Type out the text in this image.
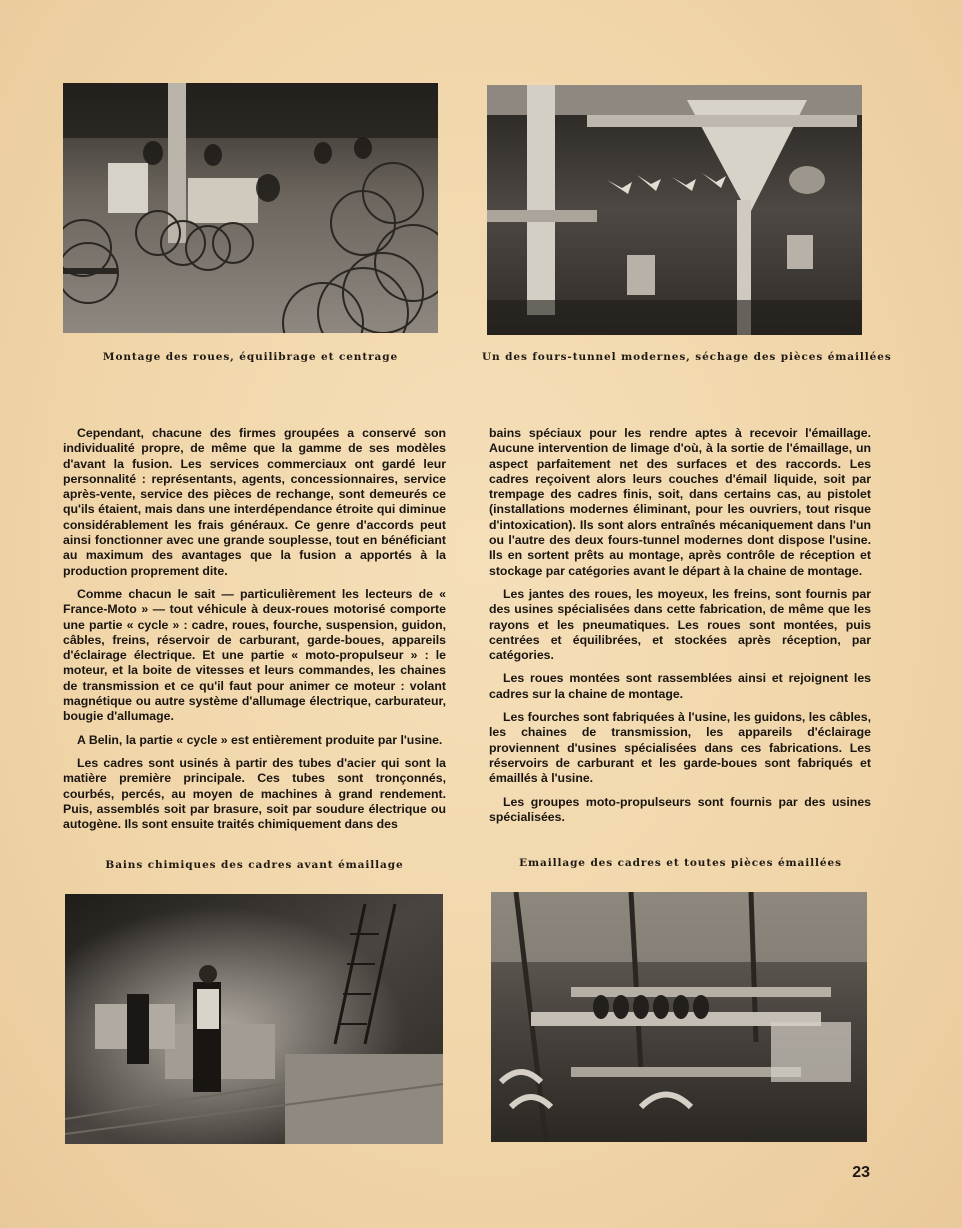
Montage des roues, équilibrage et centrage	Un des fours-tunnel modernes, séchage des pièces émaillées

Cependant, chacune des firmes groupées a conservé son individualité propre, de même que la gamme de ses modèles d'avant la fusion. Les services commerciaux ont gardé leur personnalité : représentants, agents, concessionnaires, service après-vente, service des pièces de rechange, sont demeurés ce qu'ils étaient, mais dans une interdépendance étroite qui diminue considérablement les frais généraux. Ce genre d'accords peut ainsi fonctionner avec une grande souplesse, tout en bénéficiant au maximum des avantages que la fusion a apportés à la production proprement dite.

Comme chacun le sait — particulièrement les lecteurs de « France-Moto » — tout véhicule à deux-roues motorisé comporte une partie « cycle » : cadre, roues, fourche, suspension, guidon, câbles, freins, réservoir de carburant, garde-boues, appareils d'éclairage électrique. Et une partie « moto-propulseur » : le moteur, et la boite de vitesses et leurs commandes, les chaines de transmission et ce qu'il faut pour animer ce moteur : volant magnétique ou autre système d'allumage électrique, carburateur, bougie d'allumage.

A Belin, la partie « cycle » est entièrement produite par l'usine.

Les cadres sont usinés à partir des tubes d'acier qui sont la matière première principale. Ces tubes sont tronçonnés, courbés, percés, au moyen de machines à grand rendement. Puis, assemblés soit par brasure, soit par soudure électrique ou autogène. Ils sont ensuite traités chimiquement dans des

bains spéciaux pour les rendre aptes à recevoir l'émaillage. Aucune intervention de limage d'où, à la sortie de l'émaillage, un aspect parfaitement net des surfaces et des raccords. Les cadres reçoivent alors leurs couches d'émail liquide, soit par trempage des cadres finis, soit, dans certains cas, au pistolet (installations modernes éliminant, pour les ouvriers, tout risque d'intoxication). Ils sont alors entraînés mécaniquement dans l'un ou l'autre des deux fours-tunnel modernes dont dispose l'usine. Ils en sortent prêts au montage, après contrôle de réception et stockage par catégories avant le départ à la chaine de montage.

Les jantes des roues, les moyeux, les freins, sont fournis par des usines spécialisées dans cette fabrication, de même que les rayons et les pneumatiques. Les roues sont montées, puis centrées et équilibrées, et stockées après réception, par catégories.

Les roues montées sont rassemblées ainsi et rejoignent les cadres sur la chaine de montage.

Les fourches sont fabriquées à l'usine, les guidons, les câbles, les chaines de transmission, les appareils d'éclairage proviennent d'usines spécialisées dans ces fabrications. Les réservoirs de carburant et les garde-boues sont fabriqués et émaillés à l'usine.

Les groupes moto-propulseurs sont fournis par des usines spécialisées.

Bains chimiques des cadres avant émaillage	Emaillage des cadres et toutes pièces émaillées
23
